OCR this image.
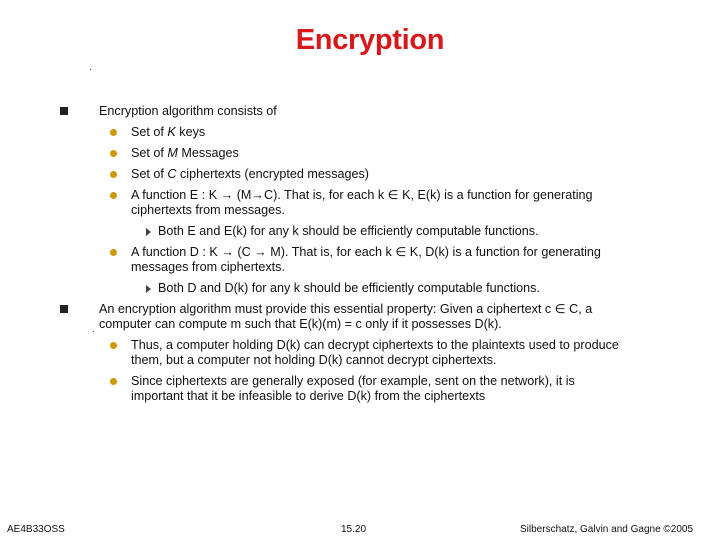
Encryption
Encryption algorithm consists of
Set of K keys
Set of M Messages
Set of C ciphertexts (encrypted messages)
A function E : K → (M→C). That is, for each k ∈ K, E(k) is a function for generating
ciphertexts from messages.
Both E and E(k) for any k should be efficiently computable functions.
A function D : K → (C → M). That is, for each k ∈ K, D(k) is a function for generating
messages from ciphertexts.
Both D and D(k) for any k should be efficiently computable functions.
An encryption algorithm must provide this essential property: Given a ciphertext c ∈ C, a
computer can compute m such that E(k)(m) = c only if it possesses D(k).
Thus, a computer holding D(k) can decrypt ciphertexts to the plaintexts used to produce
them, but a computer not holding D(k) cannot decrypt ciphertexts.
Since ciphertexts are generally exposed (for example, sent on the network), it is
important that it be infeasible to derive D(k) from the ciphertexts
AE4B33OSS	15.20	Silberschatz, Galvin and Gagne ©2005
